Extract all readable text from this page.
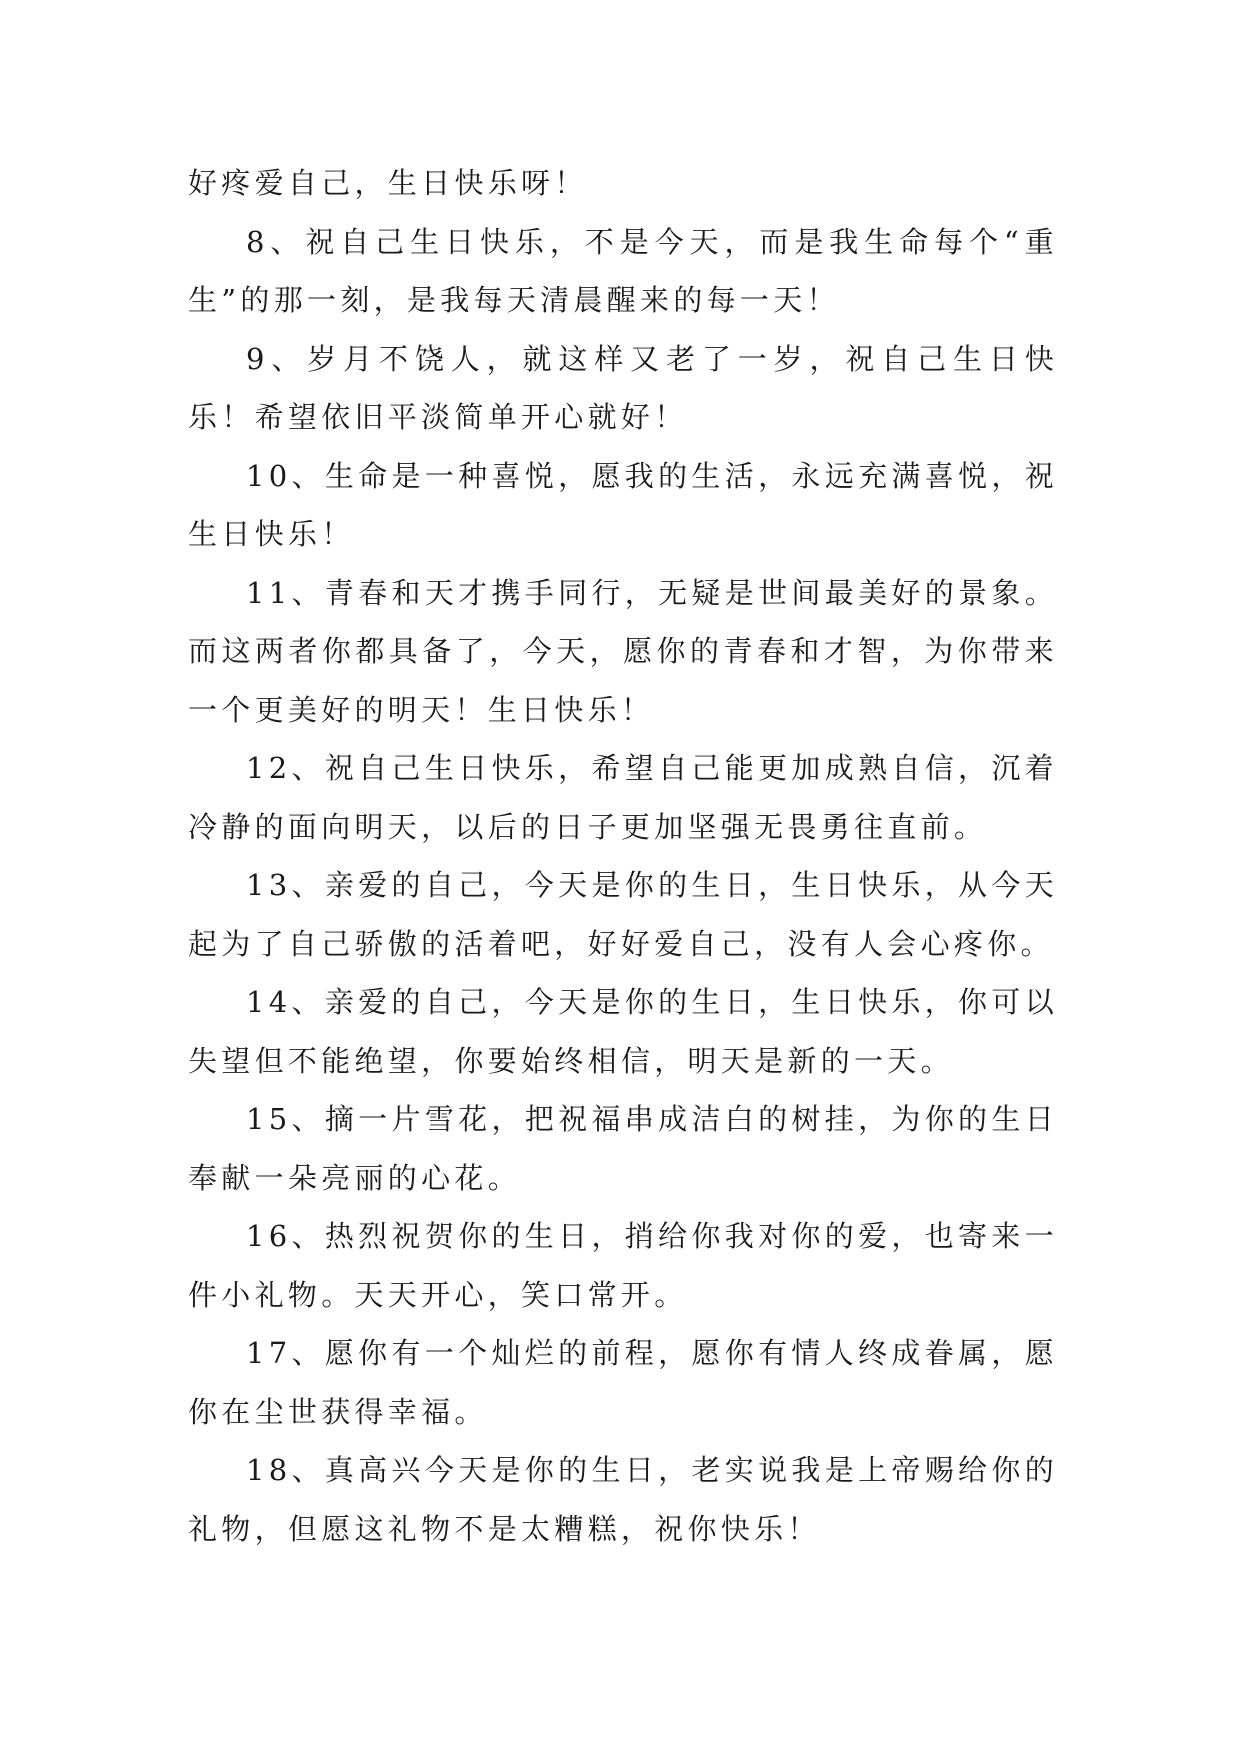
好疼爱自己，生日快乐呀！

8、祝自己生日快乐，不是今天，而是我生命每个“重生”的那一刻，是我每天清晨醒来的每一天！

9、岁月不饶人，就这样又老了一岁，祝自己生日快乐！希望依旧平淡简单开心就好！

10、生命是一种喜悦，愿我的生活，永远充满喜悦，祝生日快乐！

11、青春和天才携手同行，无疑是世间最美好的景象。而这两者你都具备了，今天，愿你的青春和才智，为你带来一个更美好的明天！生日快乐！

12、祝自己生日快乐，希望自己能更加成熟自信，沉着冷静的面向明天，以后的日子更加坚强无畏勇往直前。

13、亲爱的自己，今天是你的生日，生日快乐，从今天起为了自己骄傲的活着吧，好好爱自己，没有人会心疼你。

14、亲爱的自己，今天是你的生日，生日快乐，你可以失望但不能绝望，你要始终相信，明天是新的一天。

15、摘一片雪花，把祝福串成洁白的树挂，为你的生日奉献一朵亮丽的心花。

16、热烈祝贺你的生日，捎给你我对你的爱，也寄来一件小礼物。天天开心，笑口常开。

17、愿你有一个灿烂的前程，愿你有情人终成眷属，愿你在尘世获得幸福。

18、真高兴今天是你的生日，老实说我是上帝赐给你的礼物，但愿这礼物不是太糟糕，祝你快乐！
